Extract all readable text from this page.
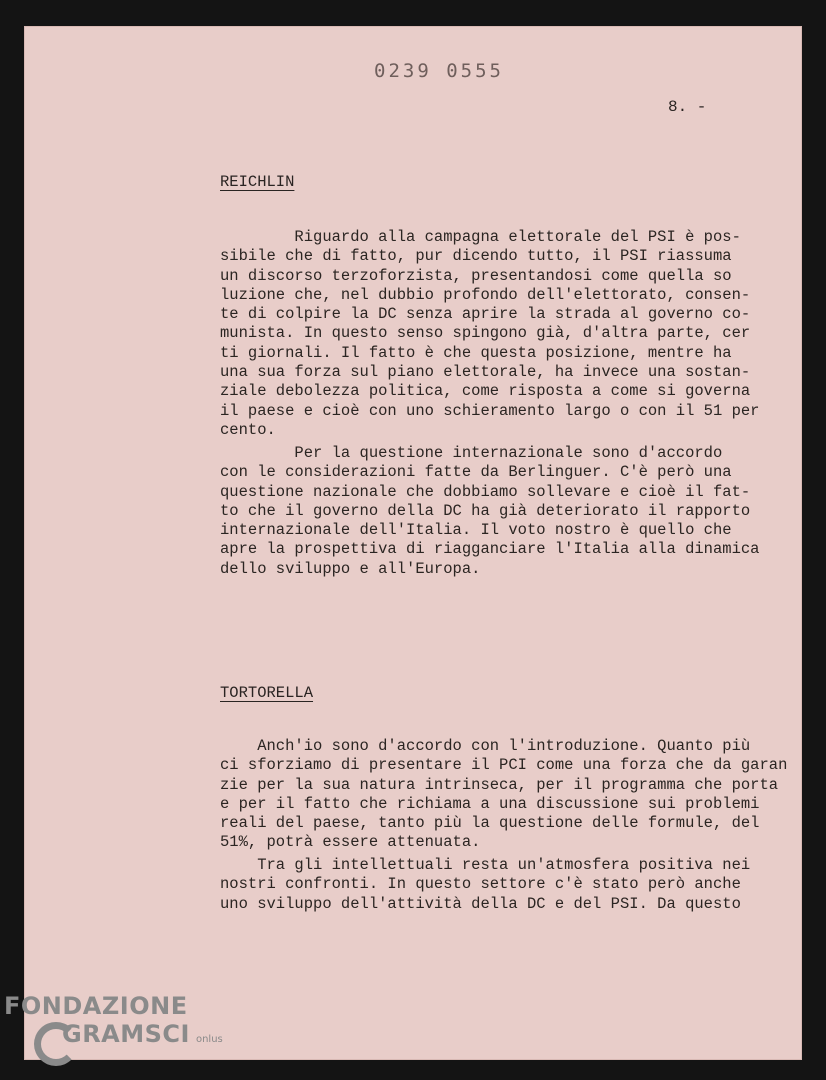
0239 0555
8. -
REICHLIN
Riguardo alla campagna elettorale del PSI è pos-
sibile che di fatto, pur dicendo tutto, il PSI riassuma
un discorso terzoforzista, presentandosi come quella so
luzione che, nel dubbio profondo dell'elettorato, consen-
te di colpire la DC senza aprire la strada al governo co-
munista. In questo senso spingono già, d'altra parte, cer
ti giornali. Il fatto è che questa posizione, mentre ha
una sua forza sul piano elettorale, ha invece una sostan-
ziale debolezza politica, come risposta a come si governa
il paese e cioè con uno schieramento largo o con il 51 per
cento.
Per la questione internazionale sono d'accordo
con le considerazioni fatte da Berlinguer. C'è però una
questione nazionale che dobbiamo sollevare e cioè il fat-
to che il governo della DC ha già deteriorato il rapporto
internazionale dell'Italia. Il voto nostro è quello che
apre la prospettiva di riagganciare l'Italia alla dinamica
dello sviluppo e all'Europa.
TORTORELLA
Anch'io sono d'accordo con l'introduzione. Quanto più
ci sforziamo di presentare il PCI come una forza che da garan
zie per la sua natura intrinseca, per il programma che porta
e per il fatto che richiama a una discussione sui problemi
reali del paese, tanto più la questione delle formule, del
51%, potrà essere attenuata.
Tra gli intellettuali resta un'atmosfera positiva nei
nostri confronti. In questo settore c'è stato però anche
uno sviluppo dell'attività della DC e del PSI. Da questo
FONDAZIONE
GRAMSCI onlus
